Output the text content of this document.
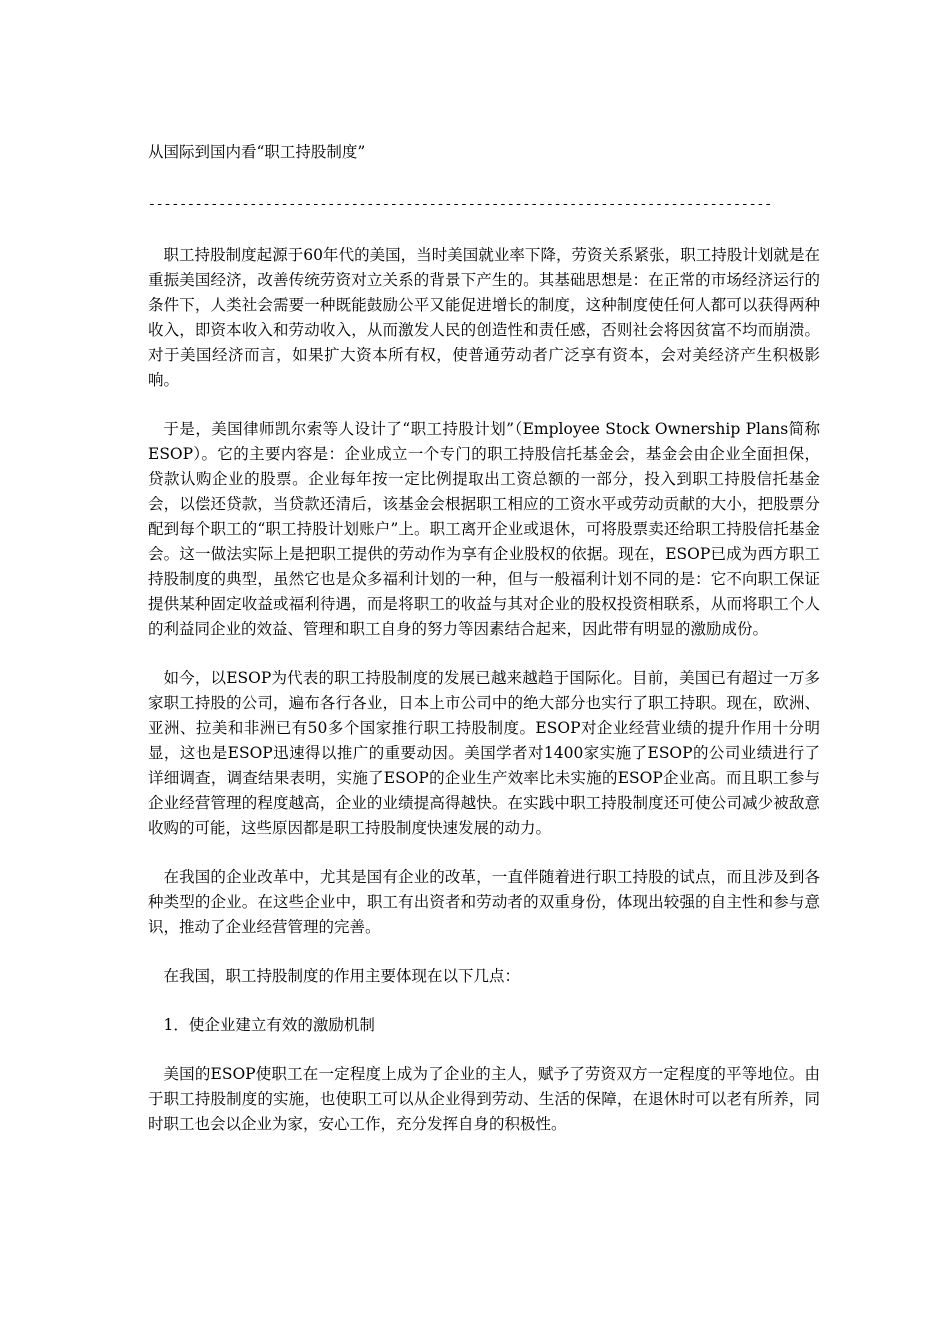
从国际到国内看“职工持股制度”
--------------------------------------------------------------------------------

职工持股制度起源于60年代的美国，当时美国就业率下降，劳资关系紧张，职工持股计划就是在重振美国经济，改善传统劳资对立关系的背景下产生的。其基础思想是：在正常的市场经济运行的条件下，人类社会需要一种既能鼓励公平又能促进增长的制度，这种制度使任何人都可以获得两种收入，即资本收入和劳动收入，从而激发人民的创造性和责任感，否则社会将因贫富不均而崩溃。对于美国经济而言，如果扩大资本所有权，使普通劳动者广泛享有资本，会对美经济产生积极影响。

于是，美国律师凯尔索等人设计了“职工持股计划”（Employee Stock Ownership Plans简称ESOP）。它的主要内容是：企业成立一个专门的职工持股信托基金会，基金会由企业全面担保，贷款认购企业的股票。企业每年按一定比例提取出工资总额的一部分，投入到职工持股信托基金会，以偿还贷款，当贷款还清后，该基金会根据职工相应的工资水平或劳动贡献的大小，把股票分配到每个职工的“职工持股计划账户”上。职工离开企业或退休，可将股票卖还给职工持股信托基金会。这一做法实际上是把职工提供的劳动作为享有企业股权的依据。现在，ESOP已成为西方职工持股制度的典型，虽然它也是众多福利计划的一种，但与一般福利计划不同的是：它不向职工保证提供某种固定收益或福利待遇，而是将职工的收益与其对企业的股权投资相联系，从而将职工个人的利益同企业的效益、管理和职工自身的努力等因素结合起来，因此带有明显的激励成份。

如今，以ESOP为代表的职工持股制度的发展已越来越趋于国际化。目前，美国已有超过一万多家职工持股的公司，遍布各行各业，日本上市公司中的绝大部分也实行了职工持职。现在，欧洲、亚洲、拉美和非洲已有50多个国家推行职工持股制度。ESOP对企业经营业绩的提升作用十分明显，这也是ESOP迅速得以推广的重要动因。美国学者对1400家实施了ESOP的公司业绩进行了详细调查，调查结果表明，实施了ESOP的企业生产效率比未实施的ESOP企业高。而且职工参与企业经营管理的程度越高，企业的业绩提高得越快。在实践中职工持股制度还可使公司减少被敌意收购的可能，这些原因都是职工持股制度快速发展的动力。

在我国的企业改革中，尤其是国有企业的改革，一直伴随着进行职工持股的试点，而且涉及到各种类型的企业。在这些企业中，职工有出资者和劳动者的双重身份，体现出较强的自主性和参与意识，推动了企业经营管理的完善。

在我国，职工持股制度的作用主要体现在以下几点：

1．使企业建立有效的激励机制

美国的ESOP使职工在一定程度上成为了企业的主人，赋予了劳资双方一定程度的平等地位。由于职工持股制度的实施，也使职工可以从企业得到劳动、生活的保障，在退休时可以老有所养，同时职工也会以企业为家，安心工作，充分发挥自身的积极性。
